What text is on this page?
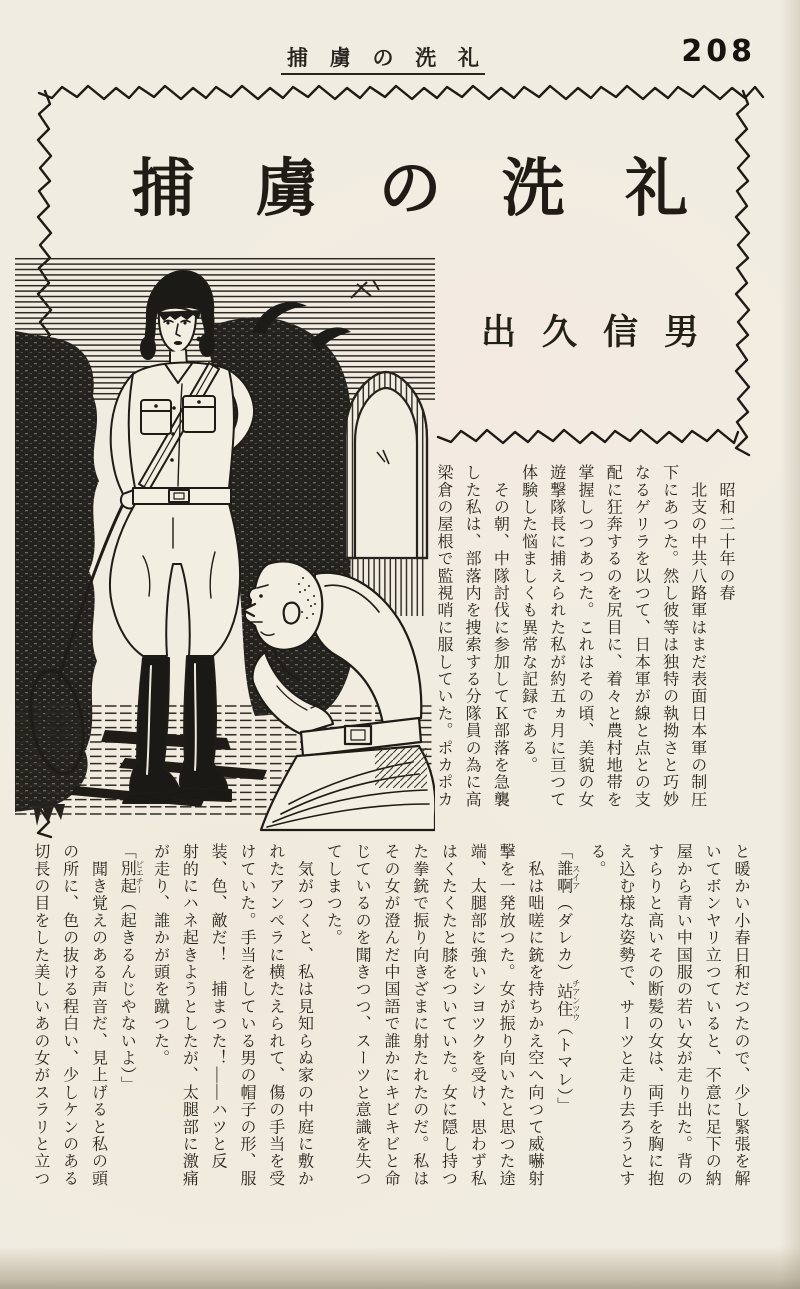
捕 虜 の 洗 礼	208
捕 虜 の 洗 礼
出 久 信 男
　昭和二十年の春
　北支の中共八路軍はまだ表面日本軍の制圧
下にあつた。然し彼等は独特の執拗さと巧妙
なるゲリラを以つて、日本軍が線と点との支
配に狂奔するのを尻目に、着々と農村地帯を
掌握しつつあつた。これはその頃、美貌の女
遊撃隊長に捕えられた私が約五ヵ月に亘つて
体験した悩ましくも異常な記録である。
　その朝、中隊討伐に参加してＫ部落を急襲
した私は、部落内を捜索する分隊員の為に高
梁倉の屋根で監視哨に服していた。ポカポカ
と暖かい小春日和だつたので、少し緊張を解
いてボンヤリ立つていると、不意に足下の納
屋から青い中国服の若い女が走り出た。背の
すらりと高いその断髪の女は、両手を胸に抱
え込む様な姿勢で、サーツと走り去ろうとす
る。
「誰啊 スイア（ダレカ）站住 チアンツウ（トマレ）」
　私は咄嗟に銃を持ちかえ空へ向つて威嚇射
撃を一発放つた。女が振り向いたと思つた途
端、太腿部に強いシヨツクを受け、思わず私
はくたくたと膝をついていた。女に隠し持つ
た拳銃で振り向きざまに射たれたのだ。私は
その女が澄んだ中国語で誰かにキビキビと命
じているのを聞きつつ、スーツと意識を失つ
てしまつた。
　気がつくと、私は見知らぬ家の中庭に敷か
れたアンペラに横たえられて、傷の手当を受
けていた。手当をしている男の帽子の形、服
装、色、敵だ！　捕まつた！――ハツと反
射的にハネ起きようとしたが、太腿部に激痛
が走り、誰かが頭を蹴つた。
「別起 ピエチー（起きるんじやないよ）」
　聞き覚えのある声音だ、見上げると私の頭
の所に、色の抜ける程白い、少しケンのある
切長の目をした美しいあの女がスラリと立つ
